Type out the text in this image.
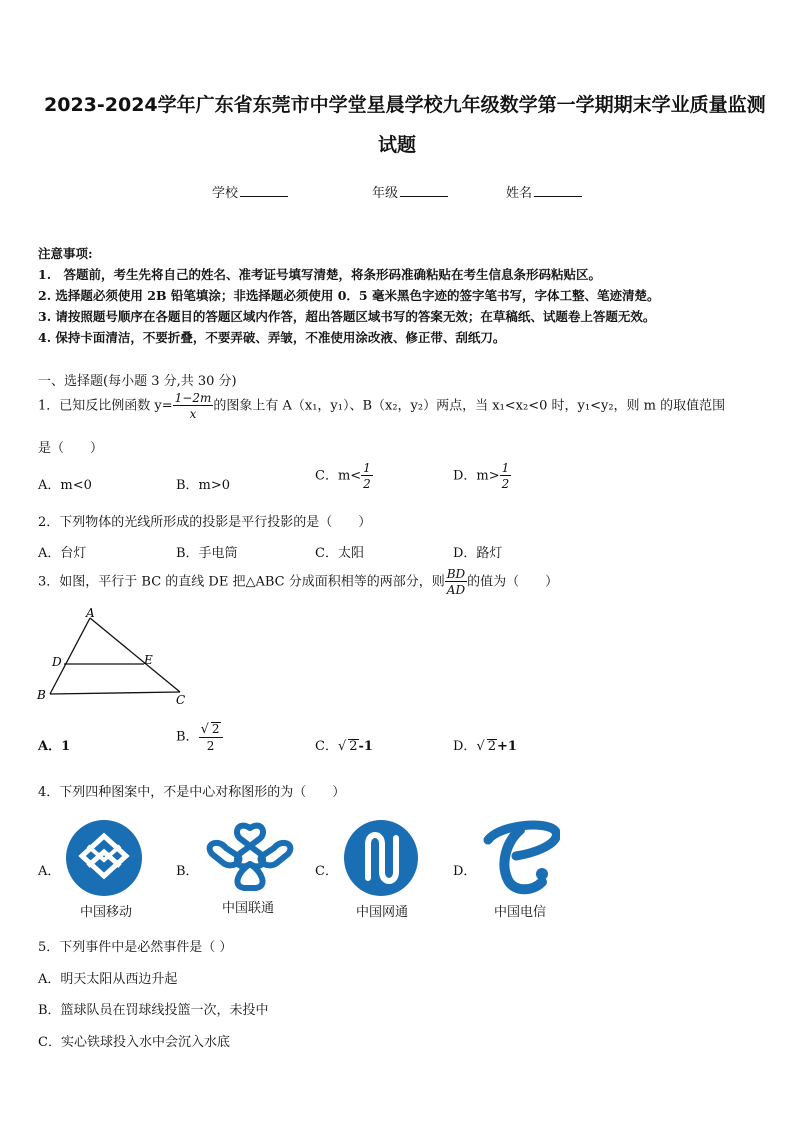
2023-2024学年广东省东莞市中学堂星晨学校九年级数学第一学期期末学业质量监测
试题
学校	年级	姓名
注意事项:
1.　答题前，考生先将自己的姓名、准考证号填写清楚，将条形码准确粘贴在考生信息条形码粘贴区。
2. 选择题必须使用 2B 铅笔填涂；非选择题必须使用 0．5 毫米黑色字迹的签字笔书写，字体工整、笔迹清楚。
3. 请按照题号顺序在各题目的答题区域内作答，超出答题区域书写的答案无效；在草稿纸、试题卷上答题无效。
4. 保持卡面清洁，不要折叠，不要弄破、弄皱，不准使用涂改液、修正带、刮纸刀。
一、选择题(每小题 3 分,共 30 分)
1．已知反比例函数 $y= \frac{1-2m}{x}$ 的图象上有 A（x₁，y₁）、B（x₂，y₂）两点，当 x₁<x₂<0 时，y₁<y₂，则 m 的取值范围
是（　　）
A．m<0	B．m>0
C．$m< \frac{1}{2}$	D．$m> \frac{1}{2}$
2．下列物体的光线所形成的投影是平行投影的是（　　）
A．台灯	B．手电筒	C．太阳	D．路灯
3．如图，平行于 BC 的直线 DE 把△ABC 分成面积相等的两部分，则 $\frac{BD}{AD}$ 的值为（　　）
A
D	E
B	C
A．1
B． $\frac{√ 2}{2}$	C．√ 2-1	D．√ 2+1
4．下列四种图案中，不是中心对称图形的为（　　）
A．
中国移动
B．
中国联通
C．
中国网通
D．
中国电信
5．下列事件中是必然事件是（ ）
A．明天太阳从西边升起
B．篮球队员在罚球线投篮一次，未投中
C．实心铁球投入水中会沉入水底
